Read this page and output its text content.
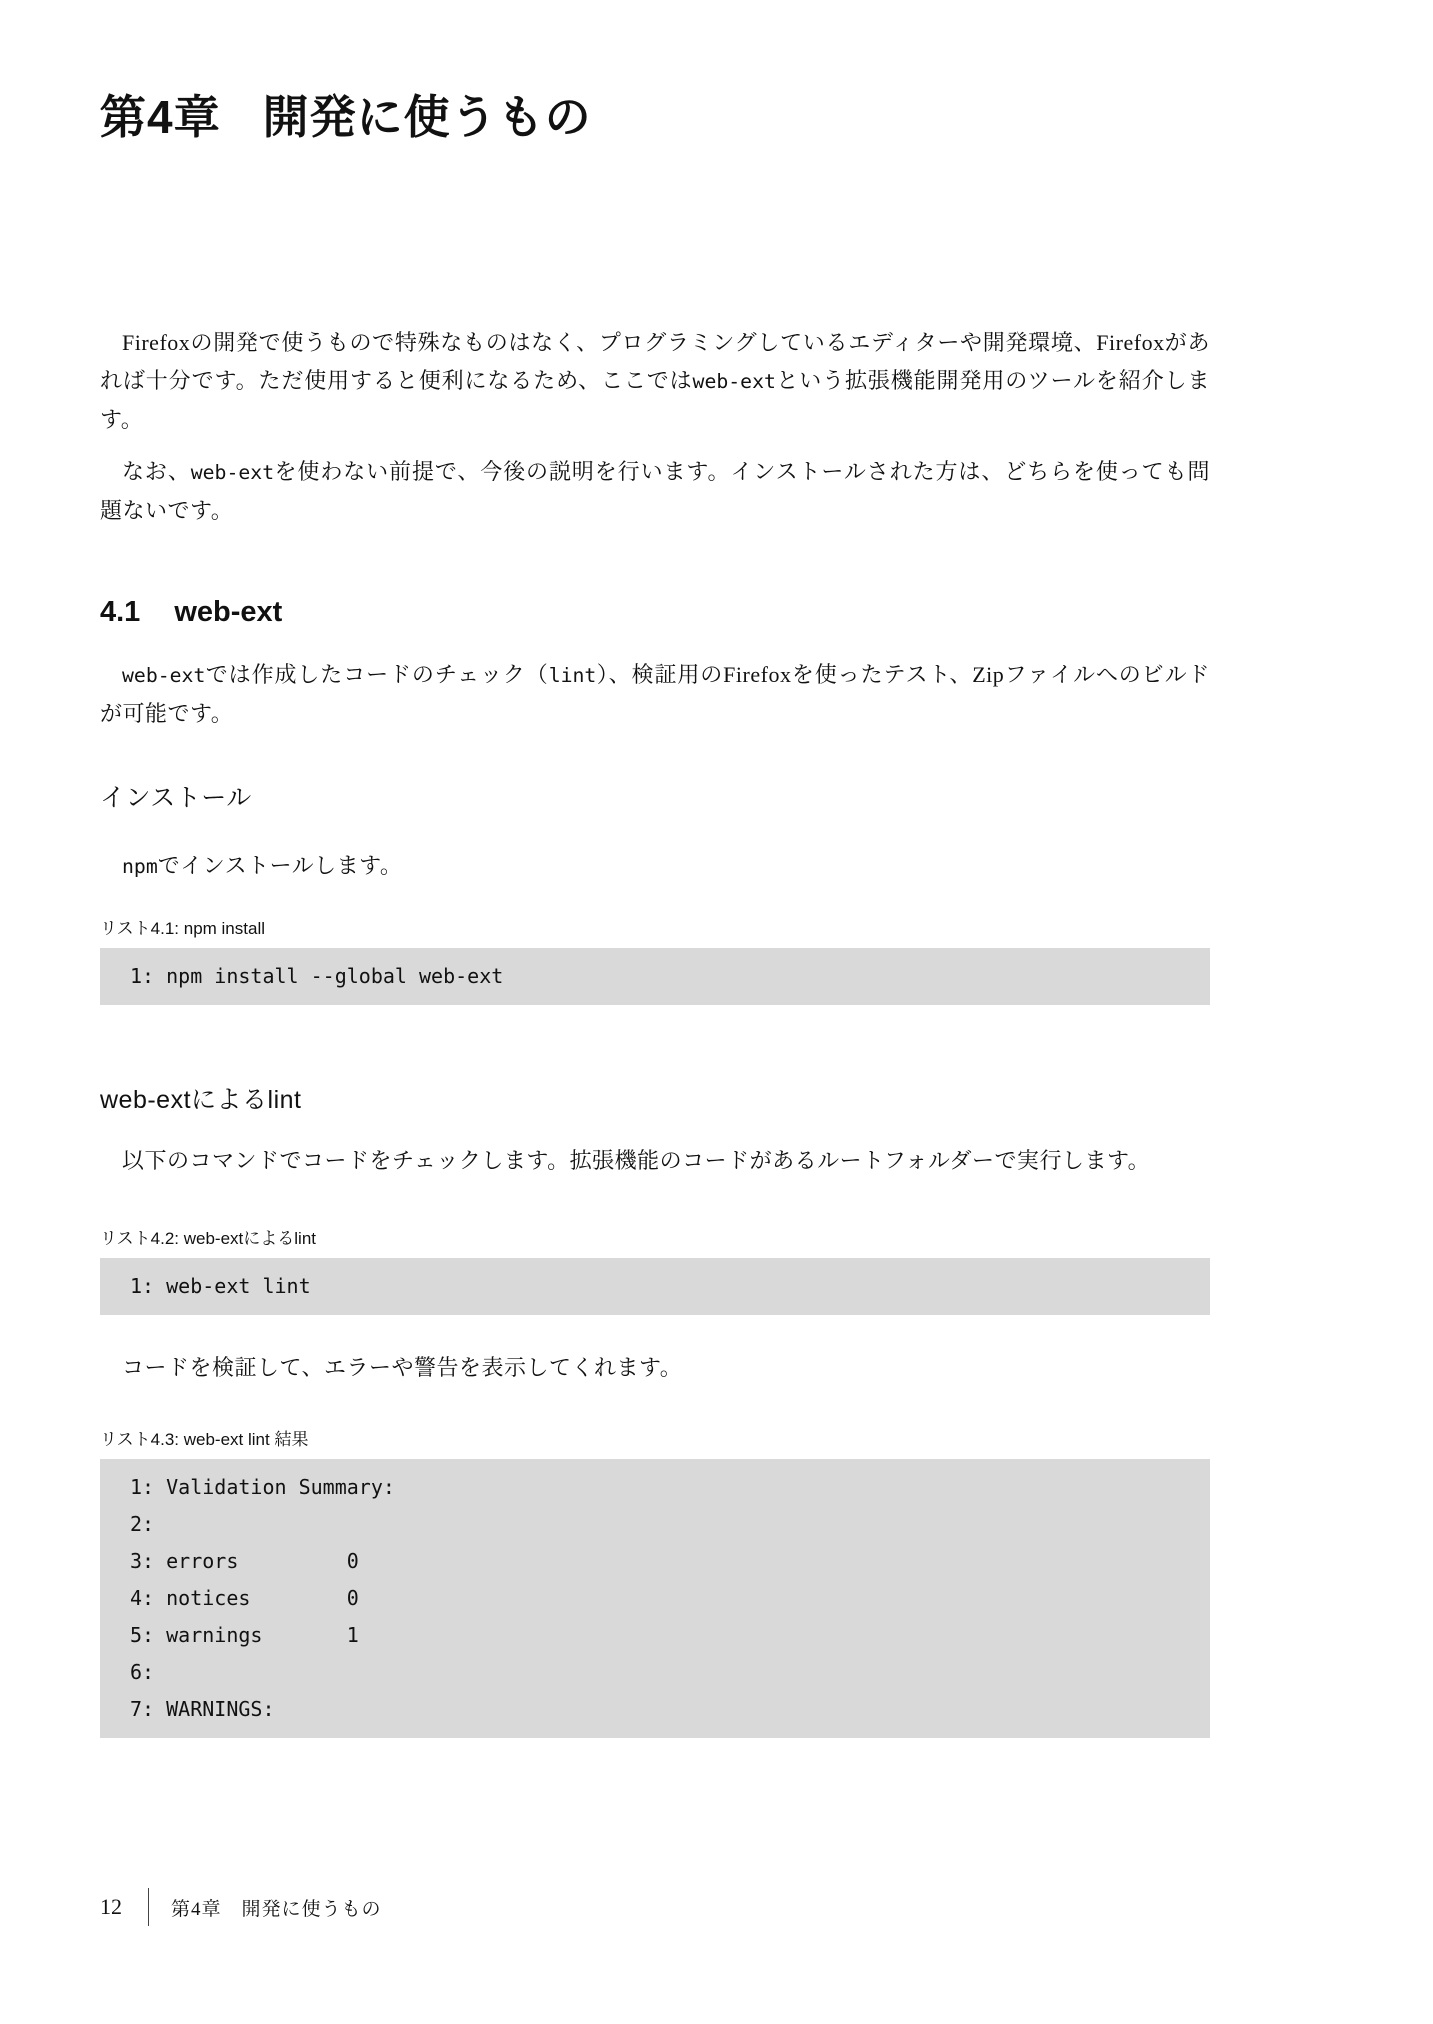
第4章 開発に使うもの

Firefoxの開発で使うもので特殊なものはなく、プログラミングしているエディターや開発環境、Firefoxがあれば十分です。ただ使用すると便利になるため、ここではweb-extという拡張機能開発用のツールを紹介します。

なお、web-extを使わない前提で、今後の説明を行います。インストールされた方は、どちらを使っても問題ないです。

4.1 web-ext

web-extでは作成したコードのチェック（lint）、検証用のFirefoxを使ったテスト、Zipファイルへのビルドが可能です。

インストール

npmでインストールします。

リスト4.1: npm install
1: npm install --global web-ext
web-extによるlint

以下のコマンドでコードをチェックします。拡張機能のコードがあるルートフォルダーで実行します。

リスト4.2: web-extによるlint
1: web-ext lint

コードを検証して、エラーや警告を表示してくれます。

リスト4.3: web-ext lint 結果
1: Validation Summary:
2:
3: errors         0
4: notices        0
5: warnings       1
6:
7: WARNINGS:
12	第4章　開発に使うもの
